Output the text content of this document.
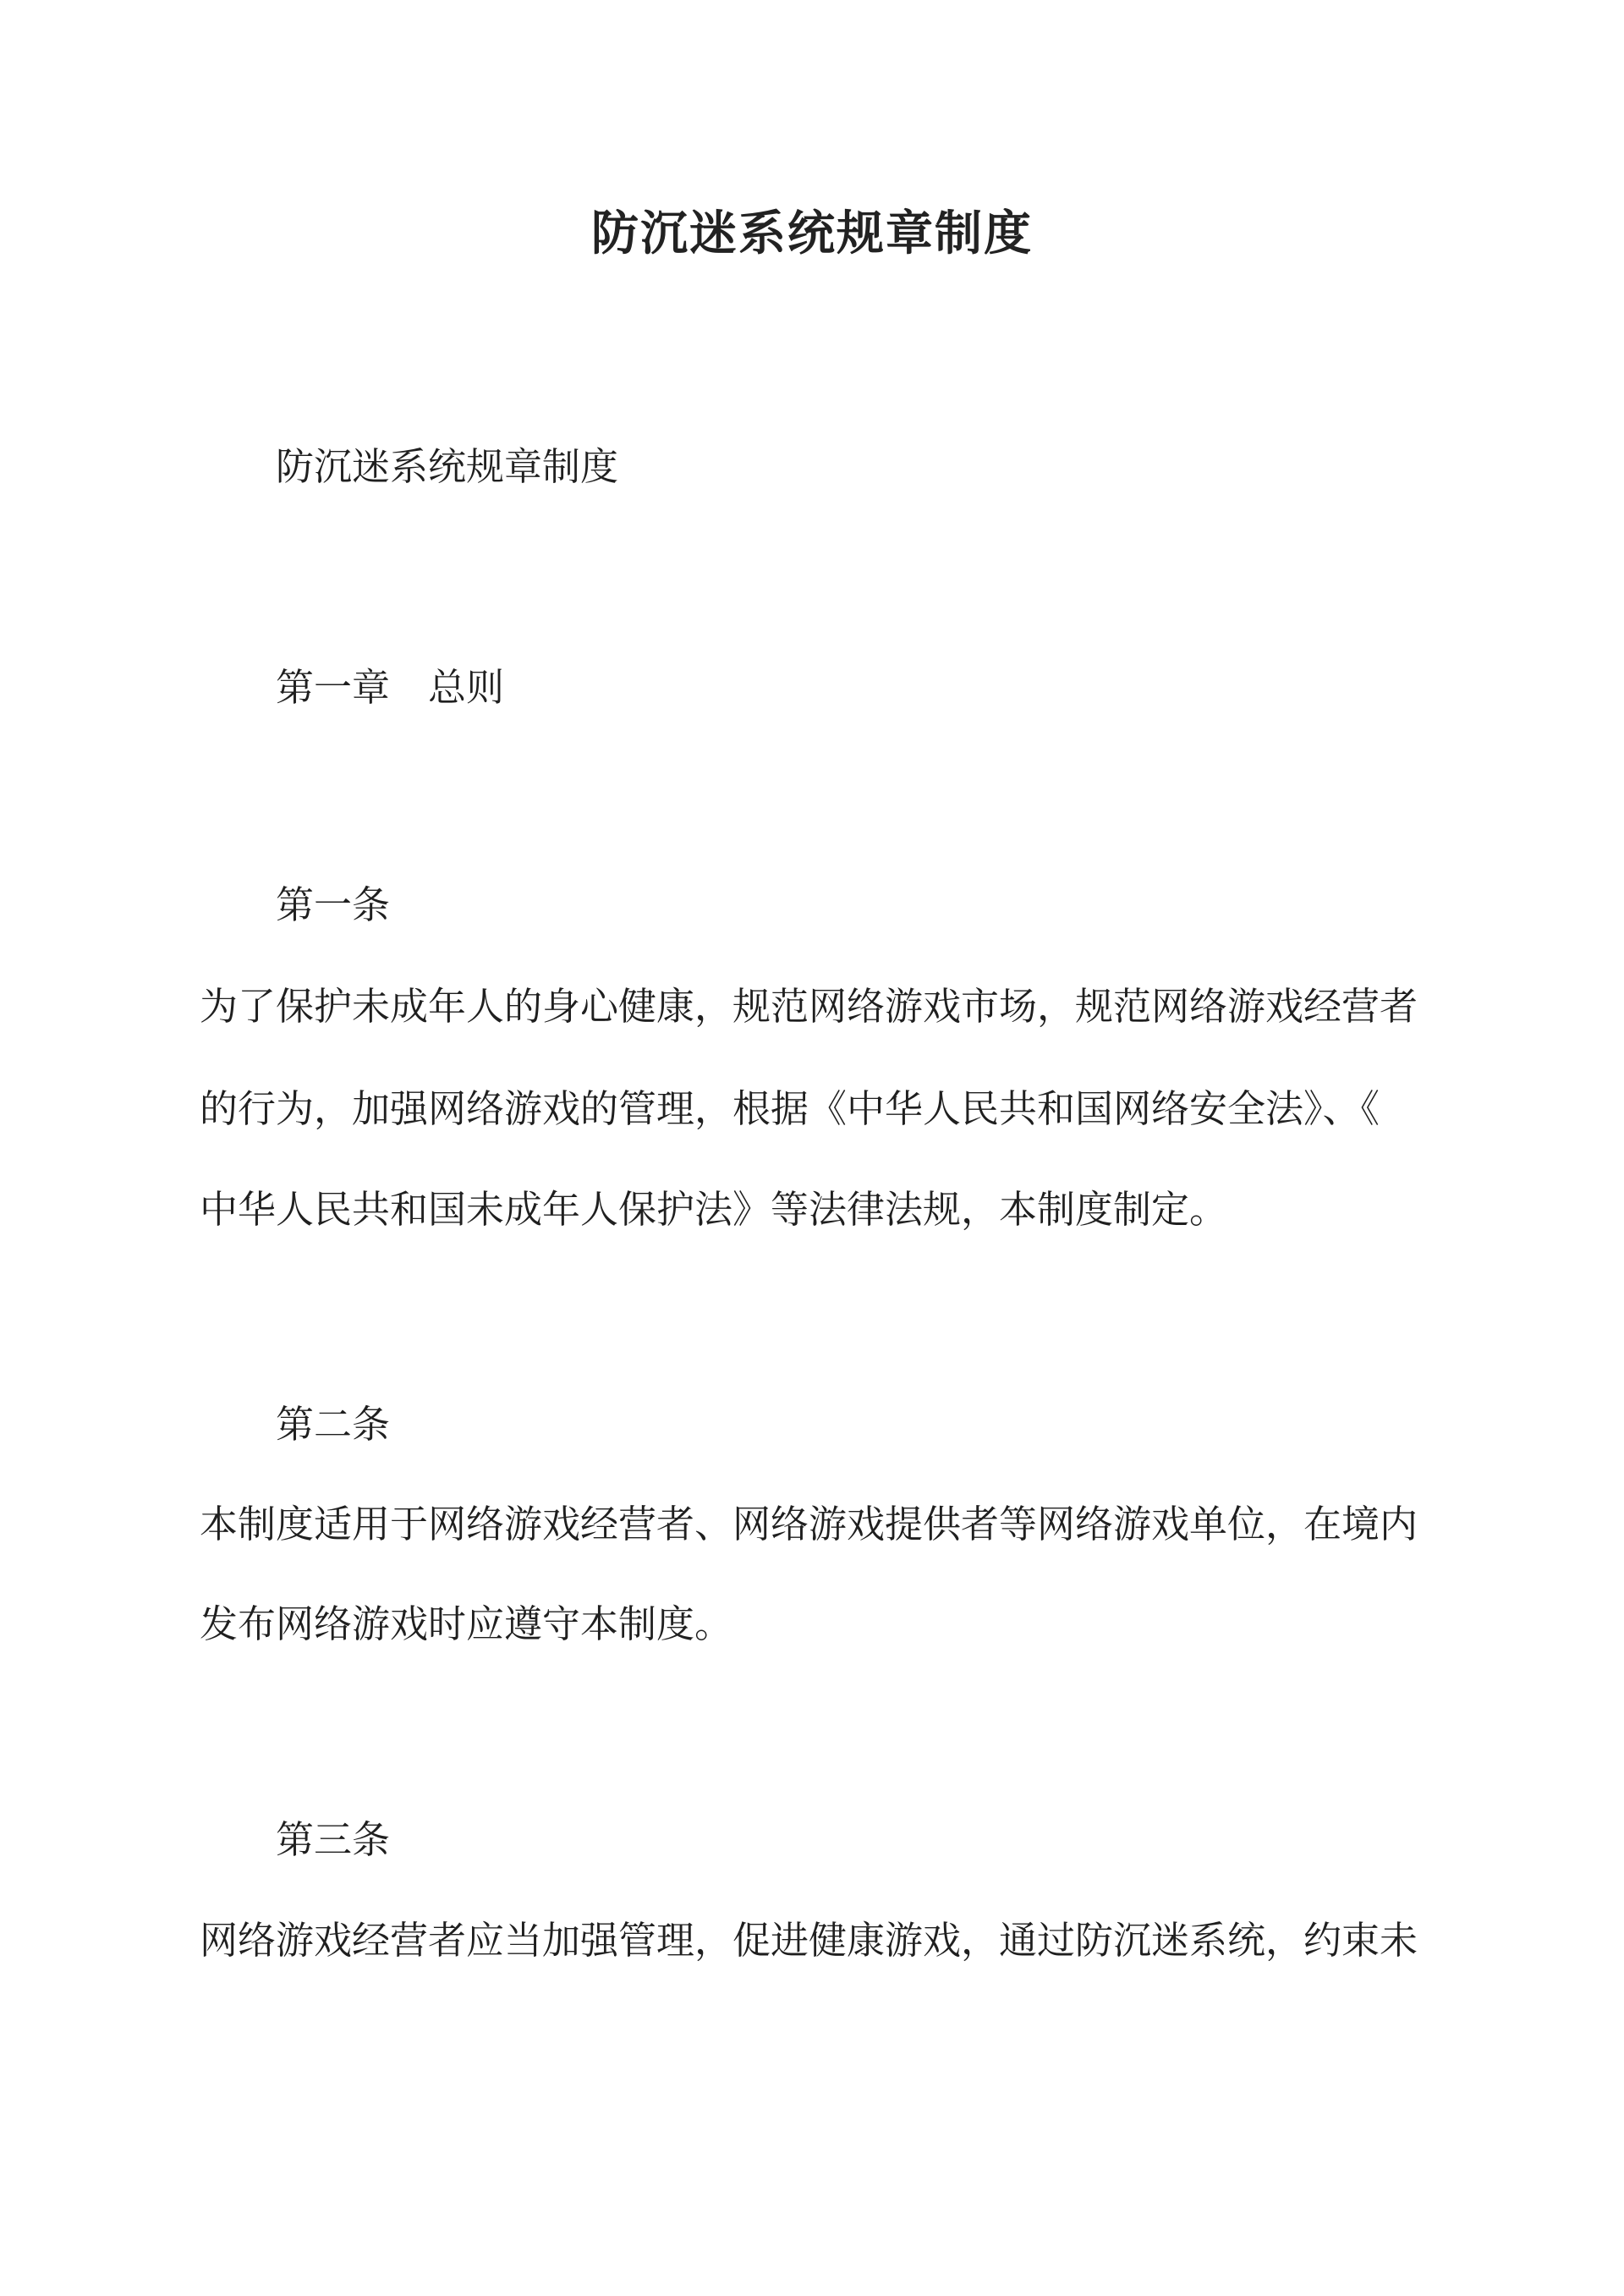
防沉迷系统规章制度
防沉迷系统规章制度
第一章　总则
第一条
为了保护未成年人的身心健康，规范网络游戏市场，规范网络游戏经营者
的行为，加强网络游戏的管理，根据《中华人民共和国网络安全法》、《
中华人民共和国未成年人保护法》等法律法规，本制度制定。
第二条
本制度适用于网络游戏经营者、网络游戏提供者等网络游戏单位，在境内
发布网络游戏时应遵守本制度。
第三条
网络游戏经营者应当加强管理，促进健康游戏，通过防沉迷系统，约束未
